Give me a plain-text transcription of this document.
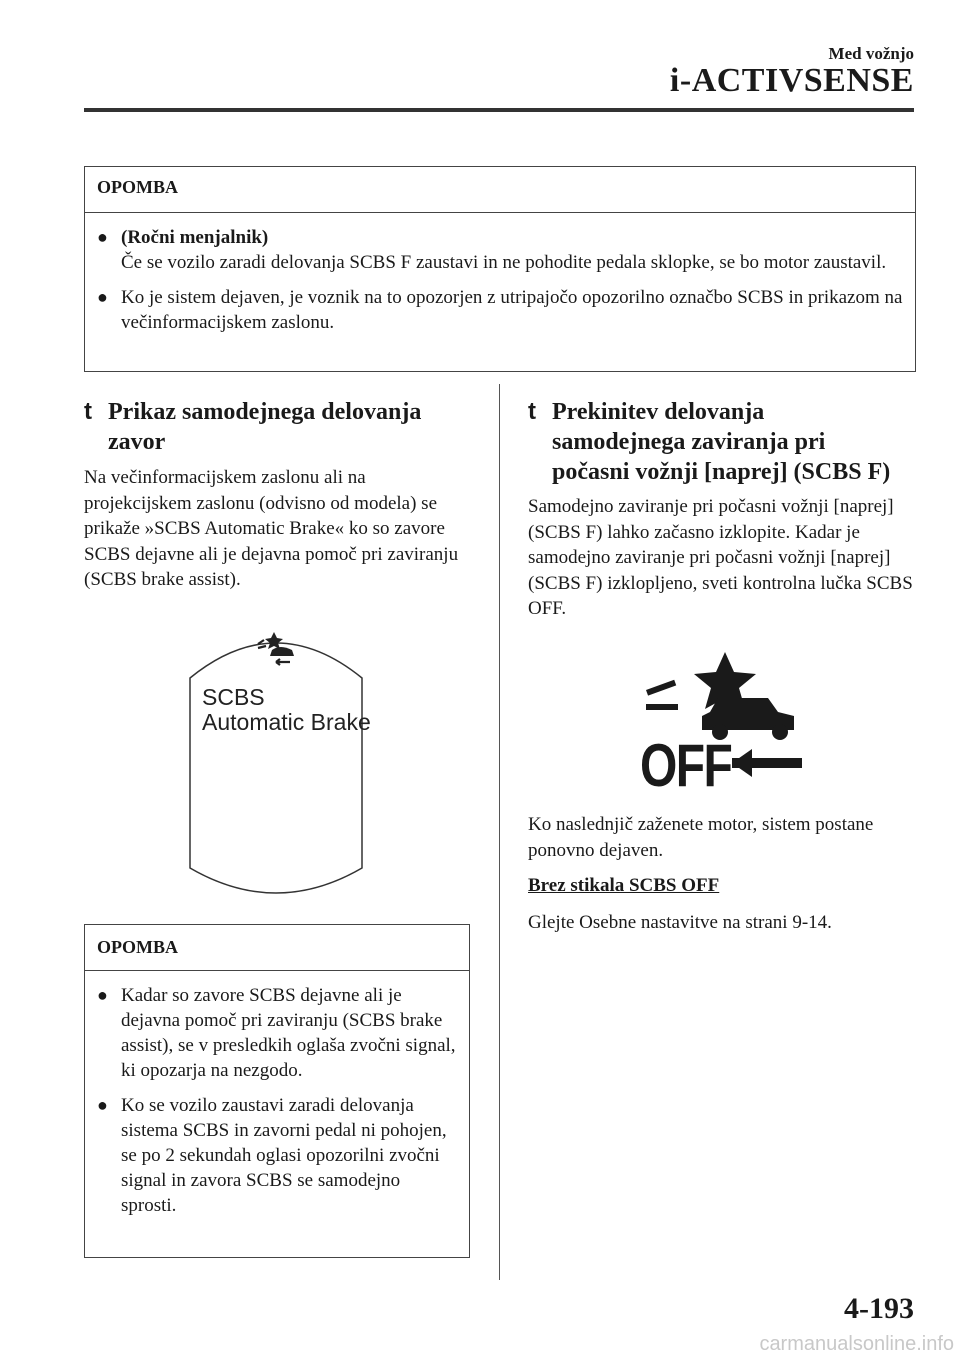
Med vožnjo
i-ACTIVSENSE
OPOMBA
● (Ročni menjalnik)
Če se vozilo zaradi delovanja SCBS F zaustavi in ne pohodite pedala sklopke, se bo motor zaustavil.
● Ko je sistem dejaven, je voznik na to opozorjen z utripajočo opozorilno označbo SCBS in prikazom na večinformacijskem zaslonu.
t Prikaz samodejnega delovanja
zavor
Na večinformacijskem zaslonu ali na projekcijskem zaslonu (odvisno od modela) se prikaže »SCBS Automatic Brake« ko so zavore SCBS dejavne ali je dejavna pomoč pri zaviranju (SCBS brake assist).
SCBS
Automatic Brake
OPOMBA
● Kadar so zavore SCBS dejavne ali je dejavna pomoč pri zaviranju (SCBS brake assist), se v presledkih oglaša zvočni signal, ki opozarja na nezgodo.
● Ko se vozilo zaustavi zaradi delovanja sistema SCBS in zavorni pedal ni pohojen, se po 2 sekundah oglasi opozorilni zvočni signal in zavora SCBS se samodejno sprosti.
t Prekinitev delovanja
samodejnega zaviranja pri
počasni vožnji [naprej] (SCBS F)
Samodejno zaviranje pri počasni vožnji [naprej] (SCBS F) lahko začasno izklopite. Kadar je samodejno zaviranje pri počasni vožnji [naprej] (SCBS F) izklopljeno, sveti kontrolna lučka SCBS OFF.
OFF
Ko naslednjič zaženete motor, sistem postane ponovno dejaven.
Brez stikala SCBS OFF
Glejte Osebne nastavitve na strani 9-14.
4-193
carmanualsonline.info
